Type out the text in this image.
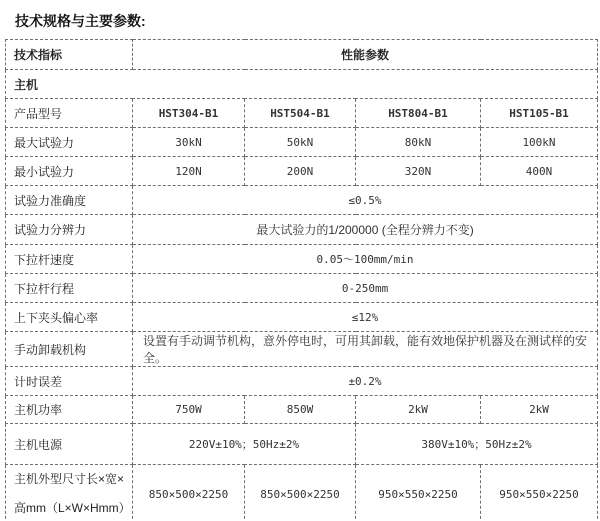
技术规格与主要参数:
技术指标	性能参数			
主机				
产品型号	HST304-B1	HST504-B1	HST804-B1	HST105-B1
最大试验力	30kN	50kN	80kN	100kN
最小试验力	120N	200N	320N	400N
试验力准确度	≤0.5%			
试验力分辨力	最大试验力的1/200000 (全程分辨力不变)			
下拉杆速度	0.05～100mm/min			
下拉杆行程	0-250mm			
上下夹头偏心率	≤12%			
手动卸载机构	设置有手动调节机构，意外停电时，可用其卸载，能有效地保护机器及在测试样的安全。			
计时误差	±0.2%			
主机功率	750W	850W	2kW	2kW
主机电源	220V±10%；50Hz±2%		380V±10%；50Hz±2%	
主机外型尺寸长×宽×高mm（L×W×Hmm）	850×500×2250	850×500×2250	950×550×2250	950×550×2250
